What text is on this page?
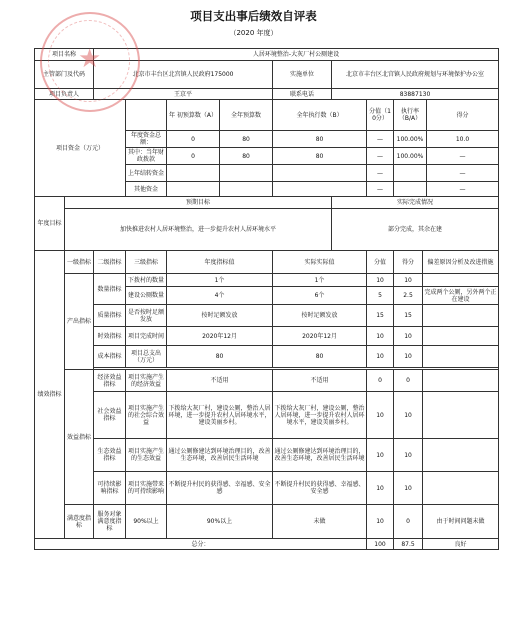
项目支出事后绩效自评表
（2020 年度）
项目名称		人居环境整治-大灰厂村公厕建设									
主管部门及代码		北京市丰台区北宫镇人民政府175000				实施单位	北京市丰台区北宫镇人民政府规划与环境保护办公室				
项目负责人		王京平				联系电话	83887130				
项目资金（万元）				年 初预算数（A）	全年预算数	全年执行数（B）		分值（10分）	执行率（B/A）		得分
			年度资金总额：	0	80	80		—	100.00%		10.0
			其中：当年财政拨款	0	80	80		—	100.00%		—
			上年结转资金					—			—
			其他资金					—			—
年度目标	预期目标						实际完成情况				
	加快推进农村人居环境整治，进一步提升农村人居环境水平						部分完成，其余在建				
绩效指标	一级指标	二级指标	三级指标	年度指标值		实际实际值		分值	得分	偏差原因分析及改进措施	
	产出指标	数量指标	下拨村的数量	1个		1个		10	10		
			建设公厕数量	4个		6个		5	2.5	完成两个公厕，另外两个正在建设	
		质量指标	是否按时足额发放	按时足额发放		按时足额发放		15	15		
		时效指标	项目完成时间	2020年12月		2020年12月		10	10		
		成本指标	项目总支出（万元）	80		80		10	10		

	效益指标	经济效益指标	项目实施产生的经济效益	不适用		不适用		0	0		
		社会效益指标	项目实施产生的社会综合效益	下拨给大灰厂村，建设公厕，整治人居环境，进一步提升农村人居环境水平，建设美丽乡村。		下拨给大灰厂村，建设公厕，整治人居环境，进一步提升农村人居环境水平，建设美丽乡村。		10	10		
		生态效益指标	项目实施产生的生态效益	通过公厕修建达到环境治理目的，改善生态环境，改善居民生活环境		通过公厕修建达到环境治理目的，改善生态环境，改善居民生活环境		10	10		
		可持续影响指标	项目实施带来的可持续影响	不断提升村民的获得感、幸福感、安全感		不断提升村民的获得感、幸福感、安全感		10	10		
	满意度指标	服务对象满意度指标	90%以上	90%以上		未做		10	0	由于时间问题未做	
总分：								100	87.5	良好	
★
